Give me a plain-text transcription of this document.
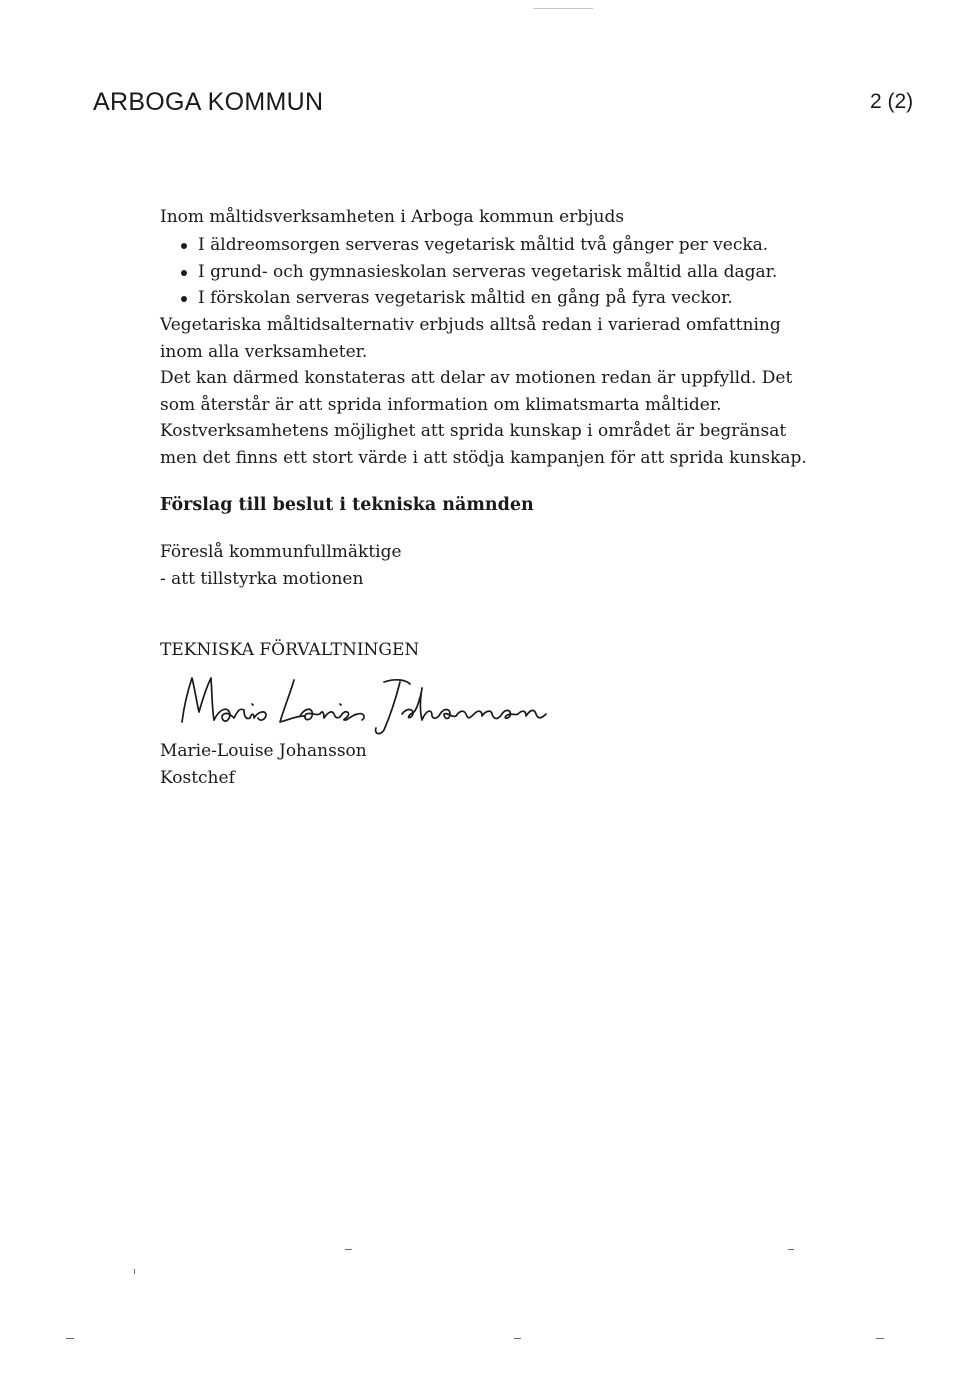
ARBOGA KOMMUN	2 (2)
Inom måltidsverksamheten i Arboga kommun erbjuds
I äldreomsorgen serveras vegetarisk måltid två gånger per vecka.
I grund- och gymnasieskolan serveras vegetarisk måltid alla dagar.
I förskolan serveras vegetarisk måltid en gång på fyra veckor.

Vegetariska måltidsalternativ erbjuds alltså redan i varierad omfattning

inom alla verksamheter.

Det kan därmed konstateras att delar av motionen redan är uppfylld. Det

som återstår är att sprida information om klimatsmarta måltider.

Kostverksamhetens möjlighet att sprida kunskap i området är begränsat

men det finns ett stort värde i att stödja kampanjen för att sprida kunskap.

Förslag till beslut i tekniska nämnden

Föreslå kommunfullmäktige

- att tillstyrka motionen

TEKNISKA FÖRVALTNINGEN

Marie-Louise Johansson

Kostchef
